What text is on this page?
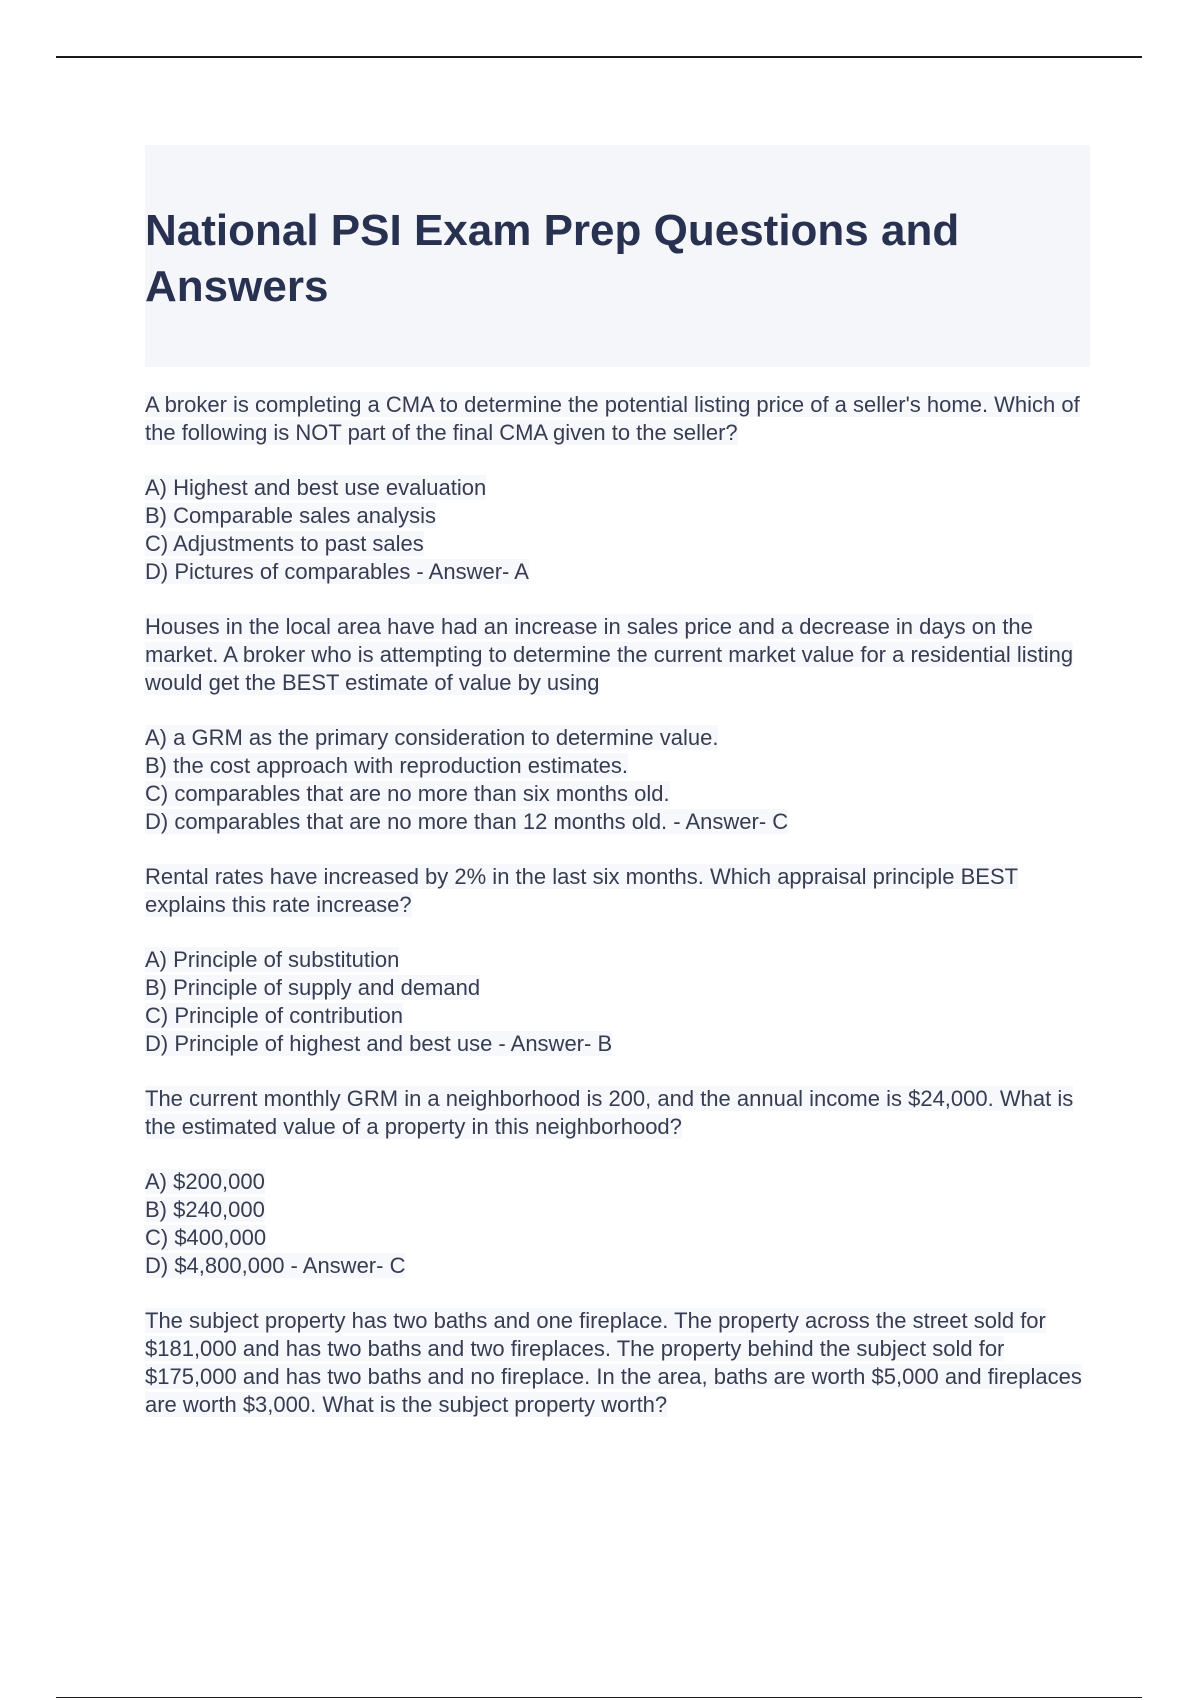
National PSI Exam Prep Questions and Answers

A broker is completing a CMA to determine the potential listing price of a seller's home. Which of the following is NOT part of the final CMA given to the seller?

A) Highest and best use evaluation
B) Comparable sales analysis
C) Adjustments to past sales
D) Pictures of comparables - Answer- A

Houses in the local area have had an increase in sales price and a decrease in days on the market. A broker who is attempting to determine the current market value for a residential listing would get the BEST estimate of value by using

A) a GRM as the primary consideration to determine value.
B) the cost approach with reproduction estimates.
C) comparables that are no more than six months old.
D) comparables that are no more than 12 months old. - Answer- C

Rental rates have increased by 2% in the last six months. Which appraisal principle BEST explains this rate increase?

A) Principle of substitution
B) Principle of supply and demand
C) Principle of contribution
D) Principle of highest and best use - Answer- B

The current monthly GRM in a neighborhood is 200, and the annual income is $24,000. What is the estimated value of a property in this neighborhood?

A) $200,000
B) $240,000
C) $400,000
D) $4,800,000 - Answer- C

The subject property has two baths and one fireplace. The property across the street sold for $181,000 and has two baths and two fireplaces. The property behind the subject sold for $175,000 and has two baths and no fireplace. In the area, baths are worth $5,000 and fireplaces are worth $3,000. What is the subject property worth?
